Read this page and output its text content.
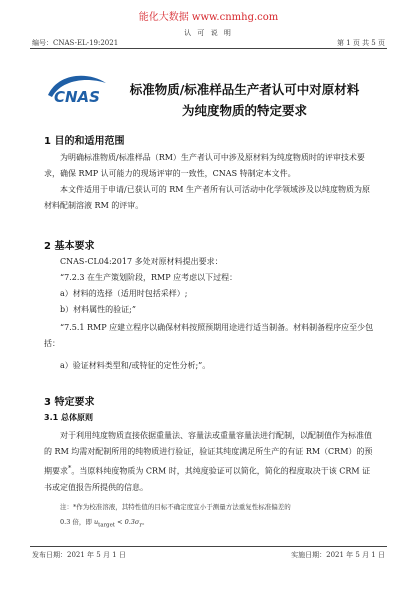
能化大数据 www.cnmhg.com
认 可 说 明
编号：CNAS-EL-19:2021	第 1 页 共 5 页
CNAS	标准物质/标准样品生产者认可中对原材料
为纯度物质的特定要求
1 目的和适用范围
为明确标准物质/标准样品（RM）生产者认可中涉及原材料为纯度物质时的评审技术要求，确保 RMP 认可能力的现场评审的一致性，CNAS 特制定本文件。
本文件适用于申请/已获认可的 RM 生产者所有认可活动中化学领域涉及以纯度物质为原材料配制溶液 RM 的评审。
2 基本要求
CNAS-CL04:2017 多处对原材料提出要求：
“7.2.3 在生产策划阶段，RMP 应考虑以下过程：
a）材料的选择（适用时包括采样）;
b）材料属性的验证;”
“7.5.1 RMP 应建立程序以确保材料按照预期用途进行适当制备。材料制备程序应至少包括：
a）验证材料类型和/或特征的定性分析;”。
3 特定要求
3.1 总体原则
对于利用纯度物质直接依据重量法、容量法或重量容量法进行配制，以配制值作为标准值的 RM 均需对配制所用的纯物质进行验证，验证其纯度满足所生产的有证 RM（CRM）的预期要求*。当原料纯度物质为 CRM 时，其纯度验证可以简化，简化的程度取决于该 CRM 证书或定值报告所提供的信息。
注：*作为校准溶液，其特性值的目标不确定度宜小于测量方法重复性标准偏差的
0.3 倍，即 $u_{target} < 0.3\sigma_r$。
发布日期：2021 年 5 月 1 日	实施日期：2021 年 5 月 1 日
